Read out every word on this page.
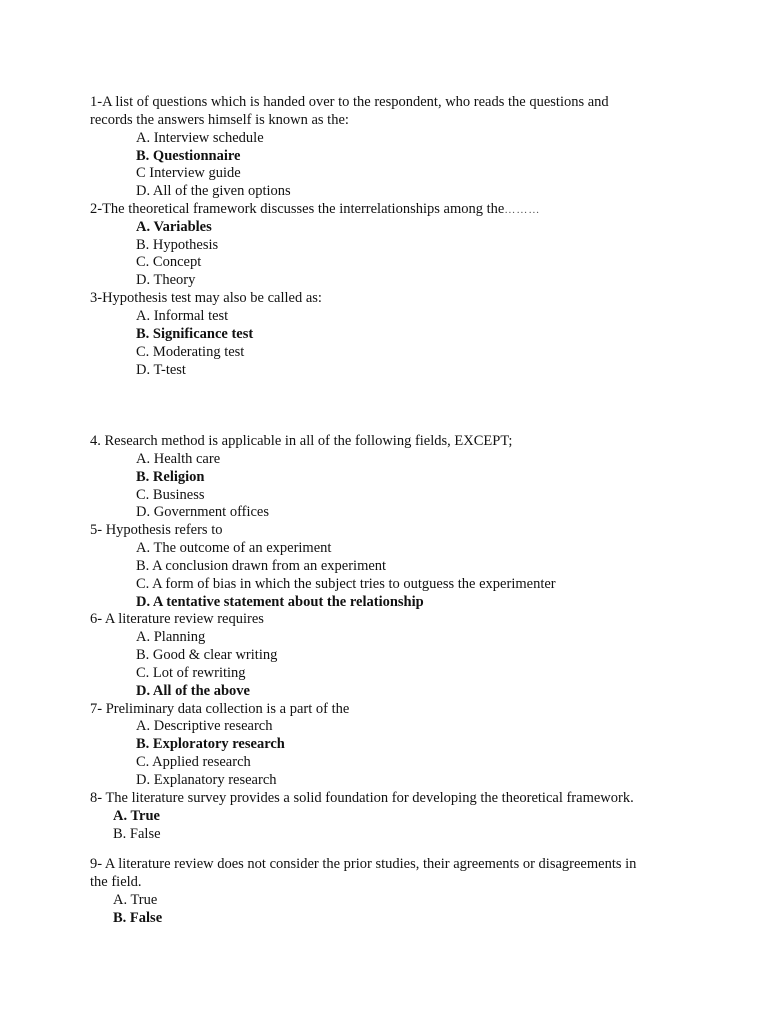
1-A list of questions which is handed over to the respondent, who reads the questions and
records the answers himself is known as the:
A. Interview schedule
B. Questionnaire
C Interview guide
D. All of the given options
2-The theoretical framework discusses the interrelationships among the………
A. Variables
B. Hypothesis
C. Concept
D. Theory
3-Hypothesis test may also be called as:
A. Informal test
B. Significance test
C. Moderating test
D. T-test
4. Research method is applicable in all of the following fields, EXCEPT;
A. Health care
B. Religion
C. Business
D. Government offices
5- Hypothesis refers to
A. The outcome of an experiment
B. A conclusion drawn from an experiment
C. A form of bias in which the subject tries to outguess the experimenter
D. A tentative statement about the relationship
6- A literature review requires
A. Planning
B. Good & clear writing
C. Lot of rewriting
D. All of the above
7- Preliminary data collection is a part of the
A. Descriptive research
B. Exploratory research
C. Applied research
D. Explanatory research
8- The literature survey provides a solid foundation for developing the theoretical framework.
A. True
B. False
9- A literature review does not consider the prior studies, their agreements or disagreements in
the field.
A. True
B. False
